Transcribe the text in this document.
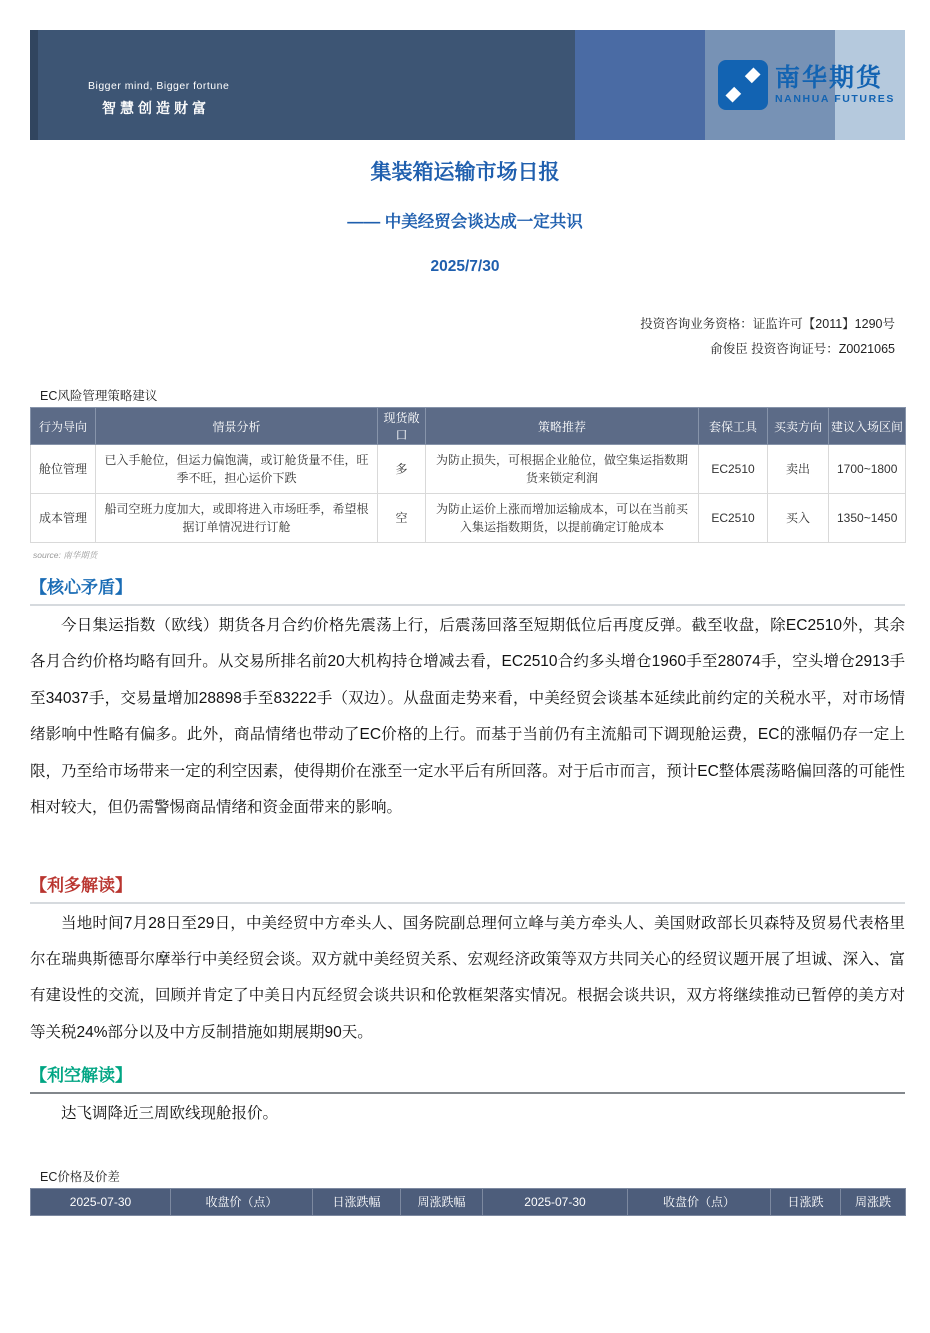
Bigger mind, Bigger fortune
智慧创造财富
南华期货
NANHUA FUTURES
集装箱运输市场日报
—— 中美经贸会谈达成一定共识
2025/7/30
投资咨询业务资格：证监许可【2011】1290号
俞俊臣 投资咨询证号：Z0021065
EC风险管理策略建议
行为导向	情景分析	现货敞口	策略推荐	套保工具	买卖方向	建议入场区间
舱位管理	已入手舱位，但运力偏饱满，或订舱货量不佳，旺季不旺，担心运价下跌	多	为防止损失，可根据企业舱位，做空集运指数期货来锁定利润	EC2510	卖出	1700~1800
成本管理	船司空班力度加大，或即将进入市场旺季，希望根据订单情况进行订舱	空	为防止运价上涨而增加运输成本，可以在当前买入集运指数期货，以提前确定订舱成本	EC2510	买入	1350~1450
source: 南华期货
【核心矛盾】
今日集运指数（欧线）期货各月合约价格先震荡上行，后震荡回落至短期低位后再度反弹。截至收盘，除EC2510外，其余各月合约价格均略有回升。从交易所排名前20大机构持仓增减去看，EC2510合约多头增仓1960手至28074手，空头增仓2913手至34037手，交易量增加28898手至83222手（双边）。从盘面走势来看，中美经贸会谈基本延续此前约定的关税水平，对市场情绪影响中性略有偏多。此外，商品情绪也带动了EC价格的上行。而基于当前仍有主流船司下调现舱运费，EC的涨幅仍存一定上限，乃至给市场带来一定的利空因素，使得期价在涨至一定水平后有所回落。对于后市而言，预计EC整体震荡略偏回落的可能性相对较大，但仍需警惕商品情绪和资金面带来的影响。
【利多解读】
当地时间7月28日至29日，中美经贸中方牵头人、国务院副总理何立峰与美方牵头人、美国财政部长贝森特及贸易代表格里尔在瑞典斯德哥尔摩举行中美经贸会谈。双方就中美经贸关系、宏观经济政策等双方共同关心的经贸议题开展了坦诚、深入、富有建设性的交流，回顾并肯定了中美日内瓦经贸会谈共识和伦敦框架落实情况。根据会谈共识，双方将继续推动已暂停的美方对等关税24%部分以及中方反制措施如期展期90天。
【利空解读】
达飞调降近三周欧线现舱报价。
EC价格及价差
2025-07-30	收盘价（点）	日涨跌幅	周涨跌幅	2025-07-30	收盘价（点）	日涨跌	周涨跌
